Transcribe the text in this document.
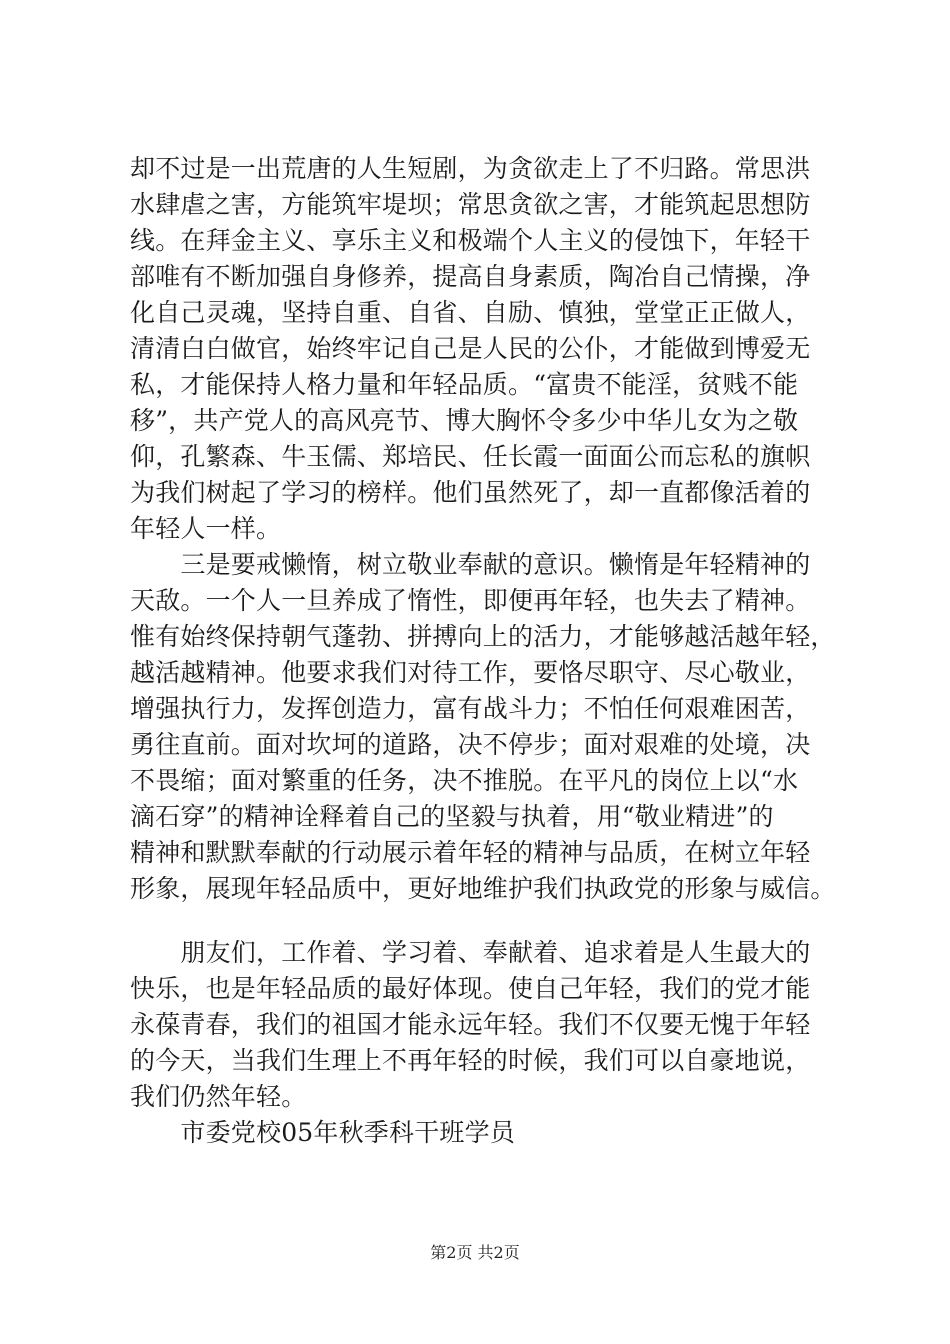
却不过是一出荒唐的人生短剧，为贪欲走上了不归路。常思洪
水肆虐之害，方能筑牢堤坝；常思贪欲之害，才能筑起思想防
线。在拜金主义、享乐主义和极端个人主义的侵蚀下，年轻干
部唯有不断加强自身修养，提高自身素质，陶冶自己情操，净
化自己灵魂，坚持自重、自省、自励、慎独，堂堂正正做人，
清清白白做官，始终牢记自己是人民的公仆，才能做到博爱无
私，才能保持人格力量和年轻品质。“富贵不能淫，贫贱不能
移”，共产党人的高风亮节、博大胸怀令多少中华儿女为之敬
仰，孔繁森、牛玉儒、郑培民、任长霞一面面公而忘私的旗帜
为我们树起了学习的榜样。他们虽然死了，却一直都像活着的
年轻人一样。
　　三是要戒懒惰，树立敬业奉献的意识。懒惰是年轻精神的
天敌。一个人一旦养成了惰性，即便再年轻，也失去了精神。
惟有始终保持朝气蓬勃、拼搏向上的活力，才能够越活越年轻，
越活越精神。他要求我们对待工作，要恪尽职守、尽心敬业，
增强执行力，发挥创造力，富有战斗力；不怕任何艰难困苦，
勇往直前。面对坎坷的道路，决不停步；面对艰难的处境，决
不畏缩；面对繁重的任务，决不推脱。在平凡的岗位上以“水
滴石穿”的精神诠释着自己的坚毅与执着，用“敬业精进”的
精神和默默奉献的行动展示着年轻的精神与品质，在树立年轻
形象，展现年轻品质中，更好地维护我们执政党的形象与威信。
　　朋友们，工作着、学习着、奉献着、追求着是人生最大的
快乐，也是年轻品质的最好体现。使自己年轻，我们的党才能
永葆青春，我们的祖国才能永远年轻。我们不仅要无愧于年轻
的今天，当我们生理上不再年轻的时候，我们可以自豪地说，
我们仍然年轻。
　　市委党校05年秋季科干班学员
第2页 共2页
